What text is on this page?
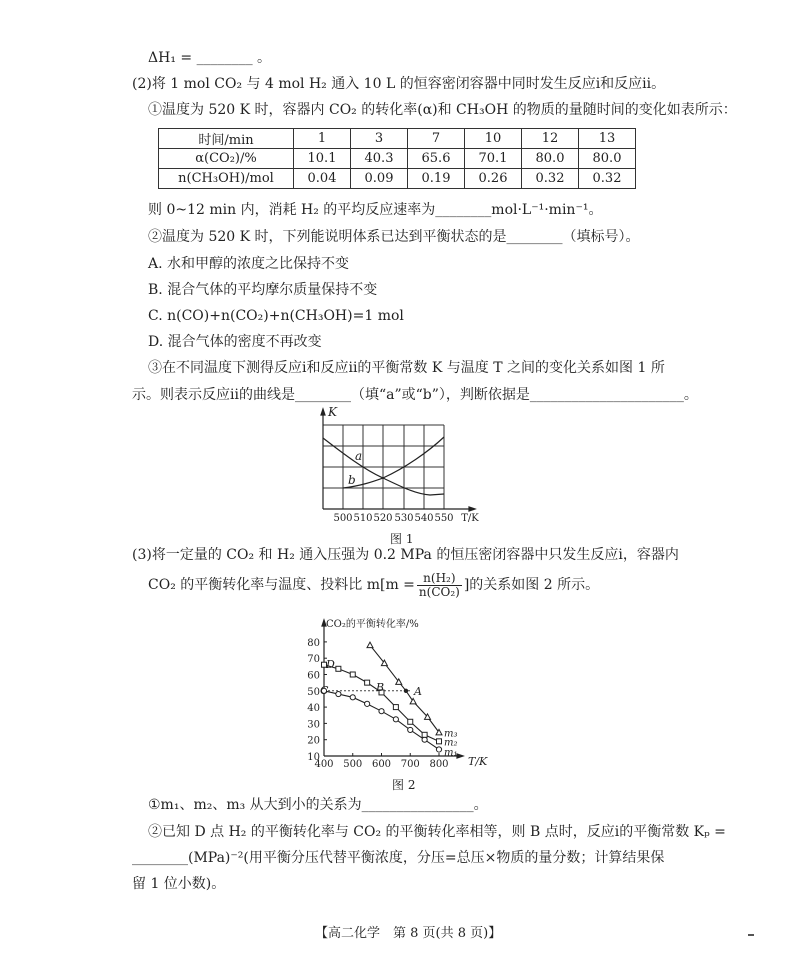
ΔH₁ = ________ 。
(2)将 1 mol CO₂ 与 4 mol H₂ 通入 10 L 的恒容密闭容器中同时发生反应ⅰ和反应ⅱ。
①温度为 520 K 时，容器内 CO₂ 的转化率(α)和 CH₃OH 的物质的量随时间的变化如表所示：
时间/min	1	3	7	10	12	13
α(CO₂)/%	10.1	40.3	65.6	70.1	80.0	80.0
n(CH₃OH)/mol	0.04	0.09	0.19	0.26	0.32	0.32
则 0~12 min 内，消耗 H₂ 的平均反应速率为________mol·L⁻¹·min⁻¹。
②温度为 520 K 时，下列能说明体系已达到平衡状态的是________（填标号）。
A. 水和甲醇的浓度之比保持不变
B. 混合气体的平均摩尔质量保持不变
C. n(CO)+n(CO₂)+n(CH₃OH)=1 mol
D. 混合气体的密度不再改变
③在不同温度下测得反应ⅰ和反应ⅱ的平衡常数 K 与温度 T 之间的变化关系如图 1 所
示。则表示反应ⅱ的曲线是________（填“a”或“b”），判断依据是______________________。
K
a
b
500 510 520 530 540 550 T/K
图 1
(3)将一定量的 CO₂ 和 H₂ 通入压强为 0.2 MPa 的恒压密闭容器中只发生反应ⅰ，容器内
CO₂ 的平衡转化率与温度、投料比 $m[m = \frac{\text{n(H₂)}}{\text{n(CO₂)}}$ ]的关系如图 2 所示。
CO₂的平衡转化率/%
T/K
400 500 600 700 800
10
20
30
40
50
60
70
80
m₁
m₂
m₃
D
C	B	A
图 2
①m₁、m₂、m₃ 从大到小的关系为________________。
②已知 D 点 H₂ 的平衡转化率与 CO₂ 的平衡转化率相等，则 B 点时，反应ⅰ的平衡常数 Kₚ =
________(MPa)⁻²(用平衡分压代替平衡浓度，分压=总压×物质的量分数；计算结果保
留 1 位小数)。
【高二化学　第 8 页(共 8 页)】
